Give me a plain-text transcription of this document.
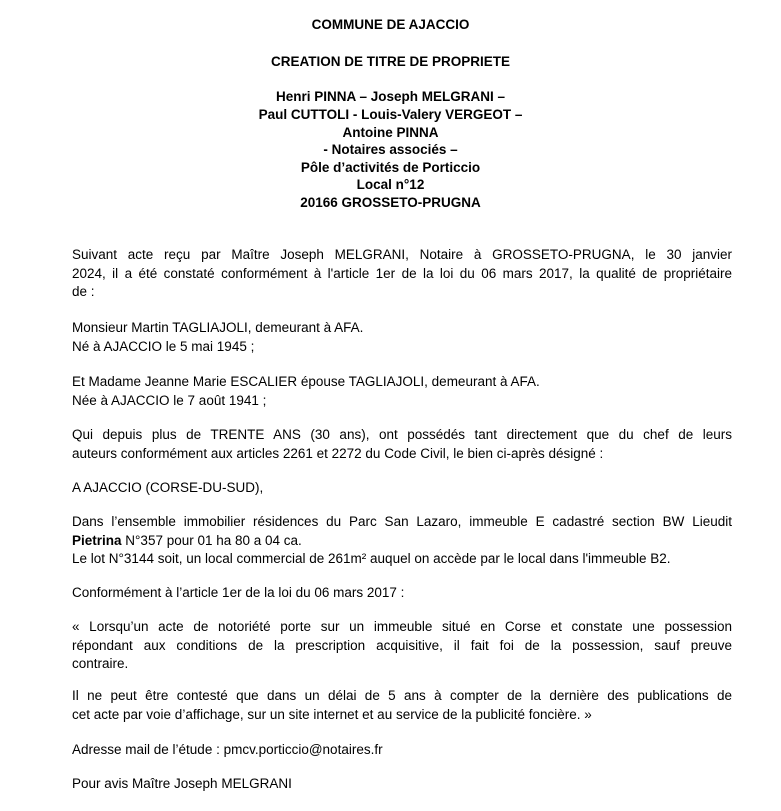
COMMUNE DE AJACCIO
CREATION DE TITRE DE PROPRIETE
Henri PINNA – Joseph MELGRANI –
Paul CUTTOLI - Louis-Valery VERGEOT –
Antoine PINNA
- Notaires associés –
Pôle d’activités de Porticcio
Local n°12
20166 GROSSETO-PRUGNA
Suivant acte reçu par Maître Joseph MELGRANI, Notaire à GROSSETO-PRUGNA, le 30 janvier
2024, il a été constaté conformément à l'article 1er de la loi du 06 mars 2017, la qualité de propriétaire
de :
Monsieur Martin TAGLIAJOLI, demeurant à AFA.
Né à AJACCIO le 5 mai 1945 ;
Et Madame Jeanne Marie ESCALIER épouse TAGLIAJOLI, demeurant à AFA.
Née à AJACCIO le 7 août 1941 ;
Qui depuis plus de TRENTE ANS (30 ans), ont possédés tant directement que du chef de leurs
auteurs conformément aux articles 2261 et 2272 du Code Civil, le bien ci-après désigné :
A AJACCIO (CORSE-DU-SUD),
Dans l’ensemble immobilier résidences du Parc San Lazaro, immeuble E cadastré section BW Lieudit
Pietrina N°357 pour 01 ha 80 a 04 ca.
Le lot N°3144 soit, un local commercial de 261m² auquel on accède par le local dans l'immeuble B2.
Conformément à l’article 1er de la loi du 06 mars 2017 :
« Lorsqu’un acte de notoriété porte sur un immeuble situé en Corse et constate une possession
répondant aux conditions de la prescription acquisitive, il fait foi de la possession, sauf preuve
contraire.
Il ne peut être contesté que dans un délai de 5 ans à compter de la dernière des publications de
cet acte par voie d’affichage, sur un site internet et au service de la publicité foncière. »
Adresse mail de l’étude : pmcv.porticcio@notaires.fr
Pour avis Maître Joseph MELGRANI
